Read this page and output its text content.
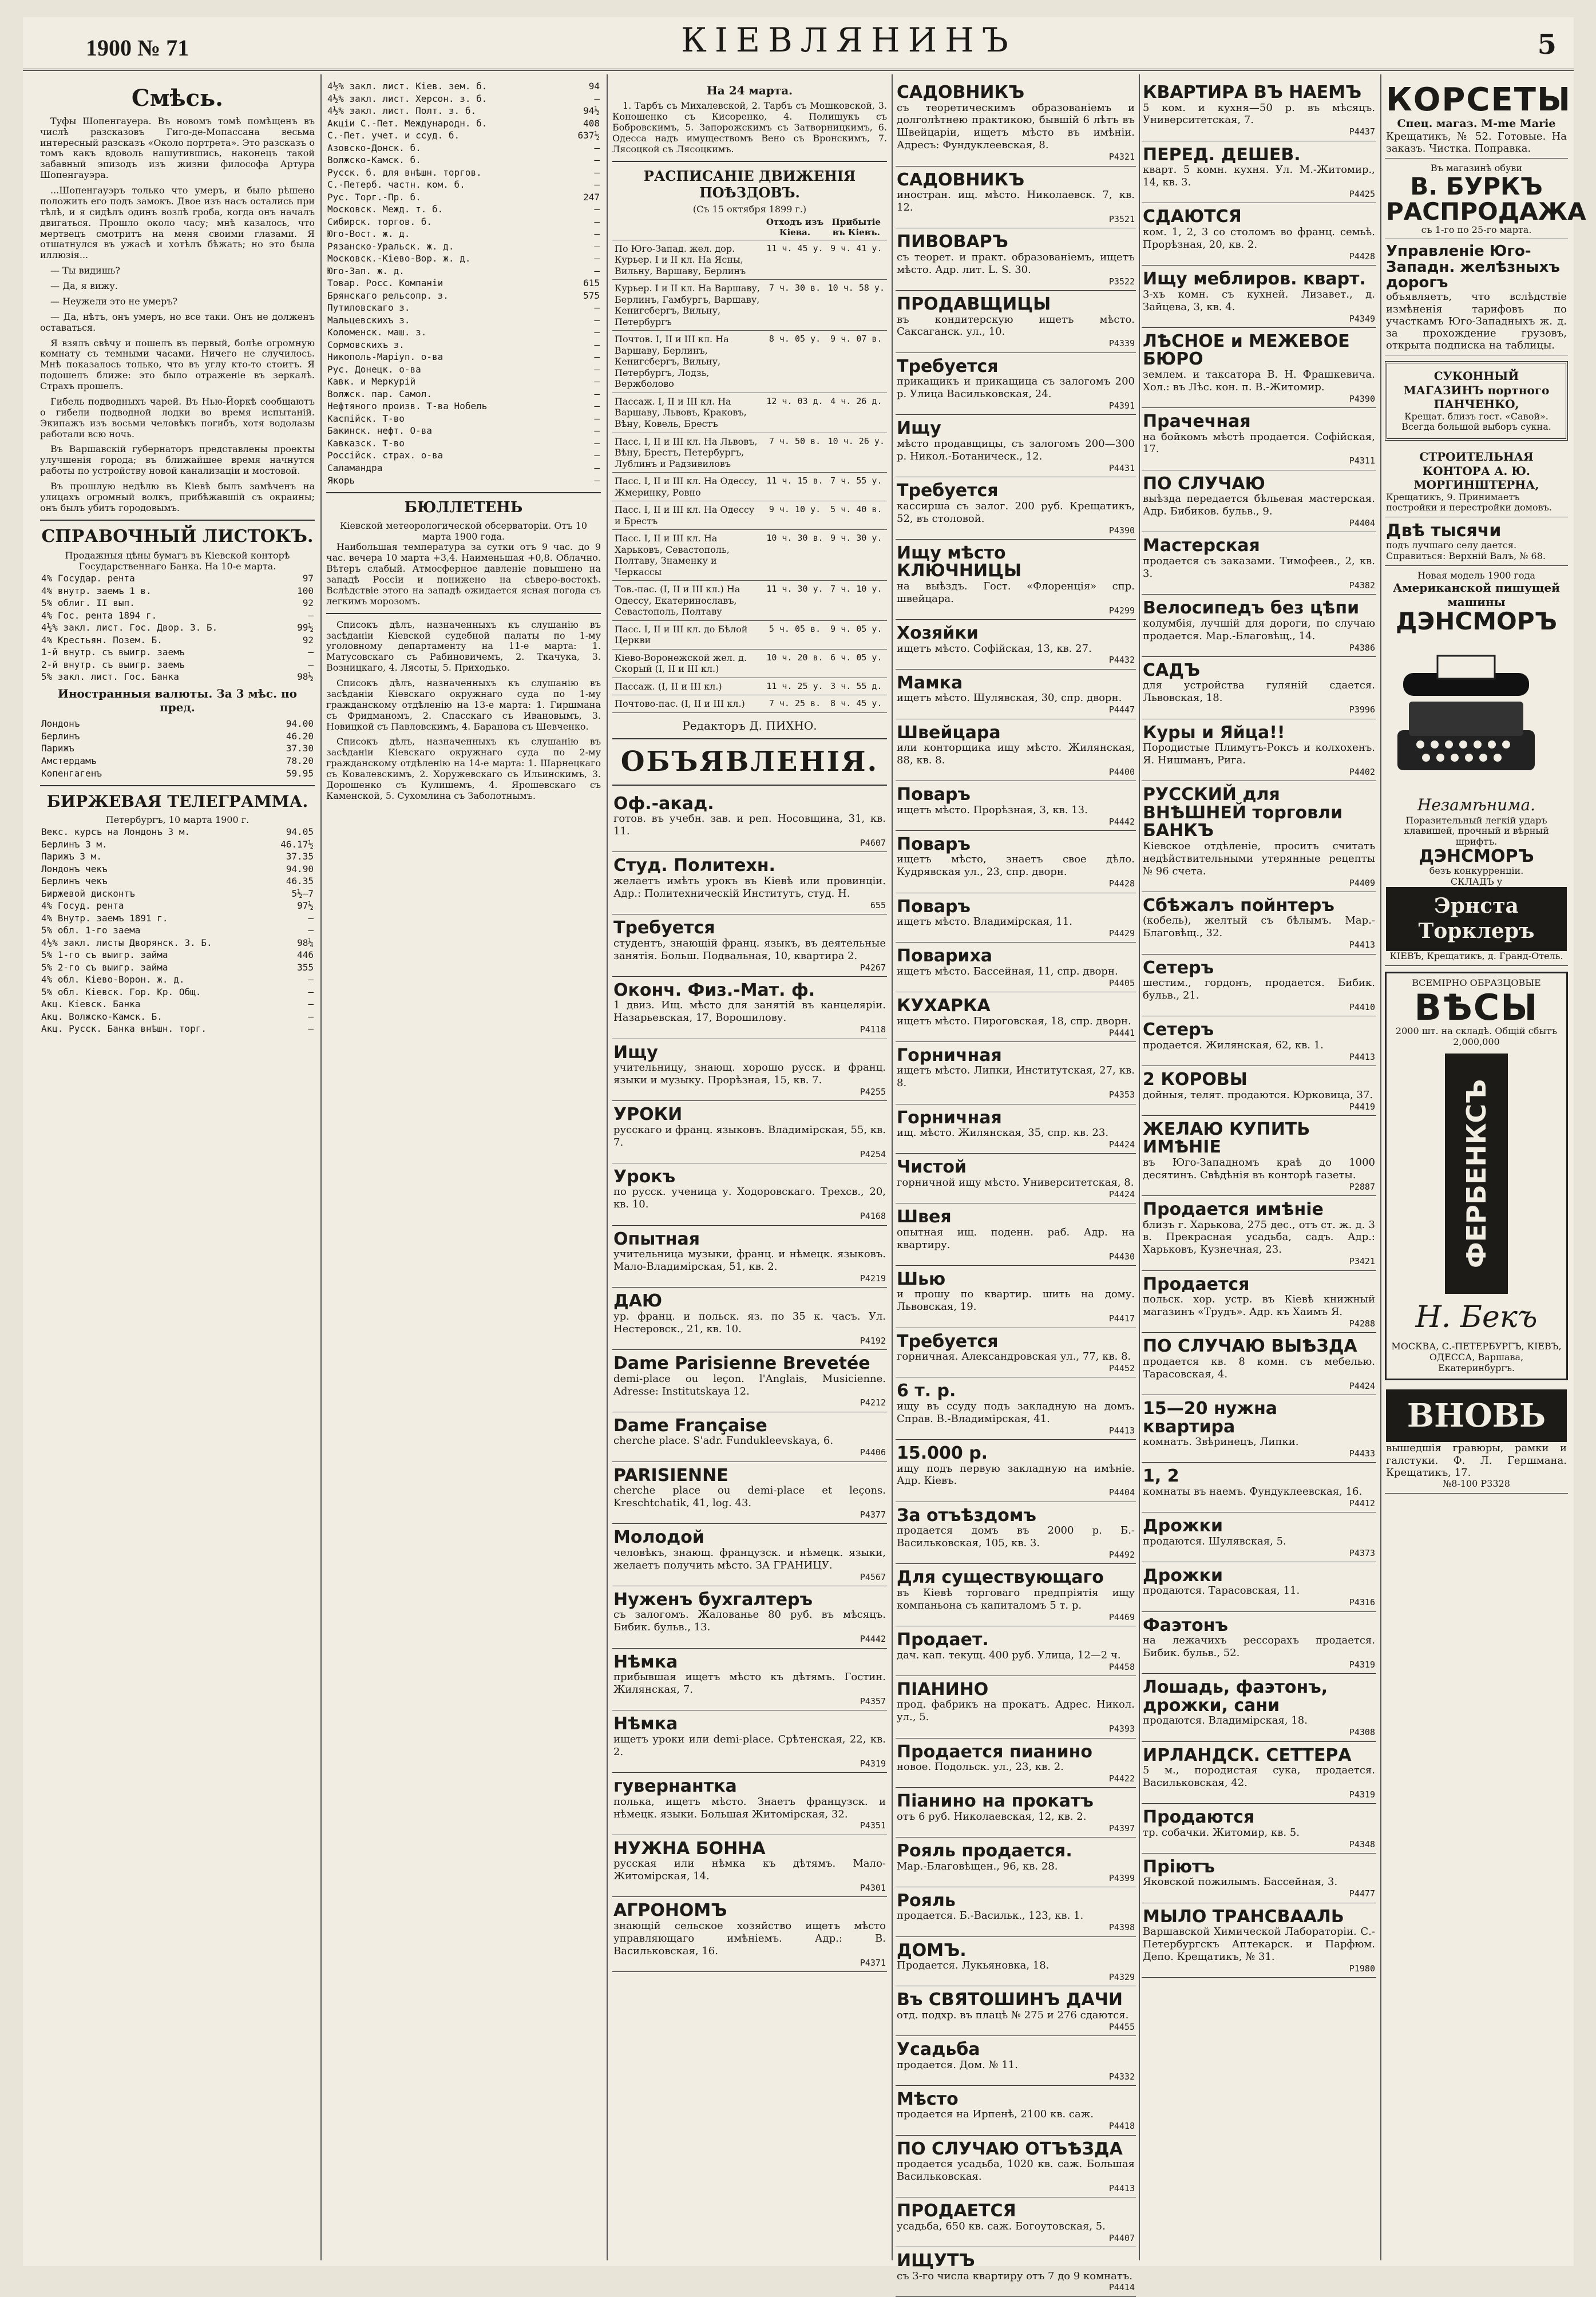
1900 № 71	КІЕВЛЯНИНЪ	5
Смѣсь.

Туфы Шопенгауера. Въ новомъ томѣ помѣщенъ въ числѣ разсказовъ Гиго-де-Мопассана весьма интересный разсказъ «Около портрета». Это разсказъ о томъ какъ вдоволь нашутившись, наконецъ такой забавный эпизодъ изъ жизни философа Артура Шопенгауэра.

...Шопенгауэръ только что умеръ, и было рѣшено положить его подъ замокъ. Двое изъ насъ остались при тѣлѣ, и я сидѣлъ одинъ возлѣ гроба, когда онъ началъ двигаться. Прошло около часу; мнѣ казалось, что мертвецъ смотритъ на меня своими глазами. Я отшатнулся въ ужасѣ и хотѣлъ бѣжать; но это была иллюзія...

— Ты видишь?

— Да, я вижу.

— Неужели это не умеръ?

— Да, нѣтъ, онъ умеръ, но все таки. Онъ не долженъ оставаться.

Я взялъ свѣчу и пошелъ въ первый, болѣе огромную комнату съ темными часами. Ничего не случилось. Мнѣ показалось только, что въ углу кто-то стоитъ. Я подошелъ ближе: это было отраженіе въ зеркалѣ. Страхъ прошелъ.

Гибель подводныхъ чарей. Въ Нью-Йоркѣ сообщаютъ о гибели подводной лодки во время испытаній. Экипажъ изъ восьми человѣкъ погибъ, хотя водолазы работали всю ночь.

Въ Варшавскій губернаторъ представлены проекты улучшенія города; въ ближайшее время начнутся работы по устройству новой канализаціи и мостовой.

Въ прошлую недѣлю въ Кіевѣ былъ замѣченъ на улицахъ огромный волкъ, прибѣжавшій съ окраины; онъ былъ убитъ городовымъ.

СПРАВОЧНЫЙ ЛИСТОКЪ.
Продажныя цѣны бумагъ въ Кіевской конторѣ Государственнаго Банка. На 10-е марта.
4% Государ. рента	97
4% внутр. заемъ 1 в.	100
5% облиг. II вып.	92
4% Гос. рента 1894 г.	—
4½% закл. лист. Гос. Двор. З. Б.	99½
4% Крестьян. Позем. Б.	92
1-й внутр. съ выигр. заемъ	—
2-й внутр. съ выигр. заемъ	—
5% закл. лист. Гос. Банка	98½
Иностранныя валюты. За 3 мѣс. по пред.
Лондонъ	94.00
Берлинъ	46.20
Парижъ	37.30
Амстердамъ	78.20
Копенгагенъ	59.95
БИРЖЕВАЯ ТЕЛЕГРАММА.
Петербургъ, 10 марта 1900 г.
Векс. курсъ на Лондонъ 3 м.	94.05
Берлинъ 3 м.	46.17½
Парижъ 3 м.	37.35
Лондонъ чекъ	94.90
Берлинъ чекъ	46.35
Биржевой дисконтъ	5½—7
4% Госуд. рента	97½
4% Внутр. заемъ 1891 г.	—
5% обл. 1-го заема	—
4½% закл. листы Дворянск. З. Б.	98¼
5% 1-го съ выигр. займа	446
5% 2-го съ выигр. займа	355
4% обл. Кіево-Ворон. ж. д.	—
5% обл. Кіевск. Гор. Кр. Общ.	—
Акц. Кіевск. Банка	—
Акц. Волжско-Камск. Б.	—
Акц. Русск. Банка внѣшн. торг.	—
4½% закл. лист. Кіев. зем. б.	94
4½% закл. лист. Херсон. з. б.	—
4½% закл. лист. Полт. з. б.	94½
Акціи С.-Пет. Международн. б.	408
С.-Пет. учет. и ссуд. б.	637½
Азовско-Донск. б.	—
Волжско-Камск. б.	—
Русск. б. для внѣшн. торгов.	—
С.-Петерб. частн. ком. б.	—
Рус. Торг.-Пр. б.	247
Московск. Межд. т. б.	—
Сибирск. торгов. б.	—
Юго-Вост. ж. д.	—
Рязанско-Уральск. ж. д.	—
Московск.-Кіево-Вор. ж. д.	—
Юго-Зап. ж. д.	—
Товар. Росс. Компаніи	615
Брянскаго рельсопр. з.	575
Путиловскаго з.	—
Мальцевскихъ з.	—
Коломенск. маш. з.	—
Сормовскихъ з.	—
Никополь-Маріуп. о-ва	—
Рус. Донецк. о-ва	—
Кавк. и Меркурій	—
Волжск. пар. Самол.	—
Нефтяного произв. Т-ва Нобель	—
Каспійск. Т-во	—
Бакинск. нефт. О-ва	—
Кавказск. Т-во	—
Россійск. страх. о-ва	—
Саламандра	—
Якорь	—
БЮЛЛЕТЕНЬ
Кіевской метеорологической обсерваторіи. Отъ 10 марта 1900 года.

Наибольшая температура за сутки отъ 9 час. до 9 час. вечера 10 марта +3,4. Наименьшая +0,8. Облачно. Вѣтеръ слабый. Атмосферное давленіе повышено на западѣ Россіи и понижено на сѣверо-востокѣ. Вслѣдствіе этого на западѣ ожидается ясная погода съ легкимъ морозомъ.

Списокъ дѣлъ, назначенныхъ къ слушанію въ засѣданіи Кіевской судебной палаты по 1-му уголовному департаменту на 11-е марта: 1. Матусовскаго съ Рабиновичемъ, 2. Ткачука, 3. Возницкаго, 4. Лясоты, 5. Приходько.

Списокъ дѣлъ, назначенныхъ къ слушанію въ засѣданіи Кіевскаго окружнаго суда по 1-му гражданскому отдѣленію на 13-е марта: 1. Гиршмана съ Фридманомъ, 2. Спасскаго съ Ивановымъ, 3. Новицкой съ Павловскимъ, 4. Баранова съ Шевченко.

Списокъ дѣлъ, назначенныхъ къ слушанію въ засѣданіи Кіевскаго окружнаго суда по 2-му гражданскому отдѣленію на 14-е марта: 1. Шарнецкаго съ Ковалевскимъ, 2. Хоружевскаго съ Ильинскимъ, 3. Дорошенко съ Кулишемъ, 4. Ярошевскаго съ Каменской, 5. Сухомлина съ Заболотнымъ.

На 24 марта.

1. Тарбъ съ Михалевской, 2. Тарбъ съ Мошковской, 3. Коношенко съ Кисоренко, 4. Полищукъ съ Бобровскимъ, 5. Запорожскимъ съ Затворницкимъ, 6. Одесса надъ имуществомъ Вено съ Вронскимъ, 7. Лясоцкой съ Лясоцкимъ.

РАСПИСАНІЕ ДВИЖЕНІЯ ПОѢЗДОВЪ.
(Съ 15 октября 1899 г.)
	Отходъ изъ Кіева.	Прибытіе въ Кіевъ.
По Юго-Запад. жел. дор. Курьер. I и II кл. На Ясны, Вильну, Варшаву, Берлинъ	11 ч. 45 у.	9 ч. 41 у.
Курьер. I и II кл. На Варшаву, Берлинъ, Гамбургъ, Варшаву, Кенигсбергъ, Вильну, Петербургъ	7 ч. 30 в.	10 ч. 58 у.
Почтов. I, II и III кл. На Варшаву, Берлинъ, Кенигсбергъ, Вильну, Петербургъ, Лодзь, Вержболово	8 ч. 05 у.	9 ч. 07 в.
Пассаж. I, II и III кл. На Варшаву, Львовъ, Краковъ, Вѣну, Ковель, Брестъ	12 ч. 03 д.	4 ч. 26 д.
Пасс. I, II и III кл. На Львовъ, Вѣну, Брестъ, Петербургъ, Лублинъ и Радзивиловъ	7 ч. 50 в.	10 ч. 26 у.
Пасс. I, II и III кл. На Одессу, Жмеринку, Ровно	11 ч. 15 в.	7 ч. 55 у.
Пасс. I, II и III кл. На Одессу и Брестъ	9 ч. 10 у.	5 ч. 40 в.
Пасс. I, II и III кл. На Харьковъ, Севастополь, Полтаву, Знаменку и Черкассы	10 ч. 30 в.	9 ч. 30 у.
Тов.-пас. (I, II и III кл.) На Одессу, Екатеринославъ, Севастополь, Полтаву	11 ч. 30 у.	7 ч. 10 у.
Пасс. I, II и III кл. до Бѣлой Церкви	5 ч. 05 в.	9 ч. 05 у.
Кіево-Воронежской жел. д. Скорый (I, II и III кл.)	10 ч. 20 в.	6 ч. 05 у.
Пассаж. (I, II и III кл.)	11 ч. 25 у.	3 ч. 55 д.
Почтово-пас. (I, II и III кл.)	7 ч. 25 в.	8 ч. 45 у.
Редакторъ Д. ПИХНО.
ОБЪЯВЛЕНІЯ.
Оф.-акад.
готов. въ учебн. зав. и реп. Носовщина, 31, кв. 11.
Р4607
Студ. Политехн.
желаетъ имѣть урокъ въ Кіевѣ или провинціи. Адр.: Политехническій Институтъ, студ. Н.
655
Требуется
студентъ, знающій франц. языкъ, въ деятельные занятія. Больш. Подвальная, 10, квартира 2.
Р4267
Оконч. Физ.-Мат. ф.
1 двиз. Ищ. мѣсто для занятій въ канцеляріи. Назарьевская, 17, Ворошилову.
Р4118
Ищу
учительницу, знающ. хорошо русск. и франц. языки и музыку. Прорѣзная, 15, кв. 7.
Р4255
УРОКИ
русскаго и франц. языковъ. Владимірская, 55, кв. 7.
Р4254
Урокъ
по русск. ученица у. Ходоровскаго. Трехсв., 20, кв. 10.
Р4168
Опытная
учительница музыки, франц. и нѣмецк. языковъ. Мало-Владимірская, 51, кв. 2.
Р4219
ДАЮ
ур. франц. и польск. яз. по 35 к. часъ. Ул. Нестеровск., 21, кв. 10.
Р4192
Dame Parisienne Brevetée
demi-place ou leçon. l'Anglais, Musicienne. Adresse: Institutskaya 12.
Р4212
Dame Française
cherche place. S'adr. Fundukleevskaya, 6.
Р4406
PARISIENNE
cherche place ou demi-place et leçons. Kreschtchatik, 41, log. 43.
Р4377
Молодой
человѣкъ, знающ. французск. и нѣмецк. языки, желаетъ получить мѣсто. ЗА ГРАНИЦУ.
Р4567
Нуженъ бухгалтеръ
съ залогомъ. Жалованье 80 руб. въ мѣсяцъ. Бибик. бульв., 13.
Р4442
Нѣмка
прибывшая ищетъ мѣсто къ дѣтямъ. Гостин. Жилянская, 7.
Р4357
Нѣмка
ищетъ уроки или demi-place. Срѣтенская, 22, кв. 2.
Р4319
гувернантка
полька, ищетъ мѣсто. Знаетъ французск. и нѣмецк. языки. Большая Житомірская, 32.
Р4351
НУЖНА БОННА
русская или нѣмка къ дѣтямъ. Мало-Житомірская, 14.
Р4301
АГРОНОМЪ
знающій сельское хозяйство ищетъ мѣсто управляющаго имѣніемъ. Адр.: В. Васильковская, 16.
Р4371
САДОВНИКЪ
съ теоретическимъ образованіемъ и долголѣтнею практикою, бывшій 6 лѣтъ въ Швейцаріи, ищетъ мѣсто въ имѣніи. Адресъ: Фундуклеевская, 8.
Р4321
САДОВНИКЪ
иностран. ищ. мѣсто. Николаевск. 7, кв. 12.
Р3521
ПИВОВАРЪ
съ теорет. и практ. образованіемъ, ищетъ мѣсто. Адр. лит. L. S. 30.
Р3522
ПРОДАВЩИЦЫ
въ кондитерскую ищетъ мѣсто. Саксаганск. ул., 10.
Р4339
Требуется
прикащикъ и прикащица съ залогомъ 200 р. Улица Васильковская, 24.
Р4391
Ищу
мѣсто продавщицы, съ залогомъ 200—300 р. Никол.-Ботаническ., 12.
Р4431
Требуется
кассирша съ залог. 200 руб. Крещатикъ, 52, въ столовой.
Р4390
Ищу мѣсто КЛЮЧНИЦЫ
на выѣздъ. Гост. «Флоренція» спр. швейцара.
Р4299
Хозяйки
ищетъ мѣсто. Софійская, 13, кв. 27.
Р4432
Мамка
ищетъ мѣсто. Шулявская, 30, спр. дворн.
Р4447
Швейцара
или конторщика ищу мѣсто. Жилянская, 88, кв. 8.
Р4400
Поваръ
ищетъ мѣсто. Прорѣзная, 3, кв. 13.
Р4442
Поваръ
ищетъ мѣсто, знаетъ свое дѣло. Кудрявская ул., 23, спр. дворн.
Р4428
Поваръ
ищетъ мѣсто. Владимірская, 11.
Р4429
Повариха
ищетъ мѣсто. Бассейная, 11, спр. дворн.
Р4405
КУХАРКА
ищетъ мѣсто. Пироговская, 18, спр. дворн.
Р4441
Горничная
ищетъ мѣсто. Липки, Институтская, 27, кв. 8.
Р4353
Горничная
ищ. мѣсто. Жилянская, 35, спр. кв. 23.
Р4424
Чистой
горничной ищу мѣсто. Университетская, 8.
Р4424
Швея
опытная ищ. поденн. раб. Адр. на квартиру.
Р4430
Шью
и прошу по квартир. шить на дому. Львовская, 19.
Р4417
Требуется
горничная. Александровская ул., 77, кв. 8.
Р4452
6 т. р.
ищу въ ссуду подъ закладную на домъ. Справ. В.-Владимірская, 41.
Р4413
15.000 р.
ищу подъ первую закладную на имѣніе. Адр. Кіевъ.
Р4404
За отъѣздомъ
продается домъ въ 2000 р. Б.-Васильковская, 105, кв. 3.
Р4492
Для существующаго
въ Кіевѣ торговаго предпріятія ищу компаньона съ капиталомъ 5 т. р.
Р4469
Продает.
дач. кап. текущ. 400 руб. Улица, 12—2 ч.
Р4458
ПІАНИНО
прод. фабрикъ на прокатъ. Адрес. Никол. ул., 5.
Р4393
Продается пианино
новое. Подольск. ул., 23, кв. 2.
Р4422
Піанино на прокатъ
отъ 6 руб. Николаевская, 12, кв. 2.
Р4397
Рояль продается.
Мар.-Благовѣщен., 96, кв. 28.
Р4399
Рояль
продается. Б.-Васильк., 123, кв. 1.
Р4398
ДОМЪ.
Продается. Лукьяновка, 18.
Р4329
Въ СВЯТОШИНЪ ДАЧИ
отд. подхр. въ плацѣ № 275 и 276 сдаются.
Р4455
Усадьба
продается. Дом. № 11.
Р4332
Мѣсто
продается на Ирпенѣ, 2100 кв. саж.
Р4418
ПО СЛУЧАЮ ОТЪѢЗДА
продается усадьба, 1020 кв. саж. Большая Васильковская.
Р4413
ПРОДАЕТСЯ
усадьба, 650 кв. саж. Богоутовская, 5.
Р4407
ИЩУТЪ
съ 3-го числа квартиру отъ 7 до 9 комнатъ.
Р4414
КВАРТИРА ВЪ НАЕМЪ
5 ком. и кухня—50 р. въ мѣсяцъ. Университетская, 7.
Р4437
ПЕРЕД. ДЕШЕВ.
кварт. 5 комн. кухня. Ул. М.-Житомир., 14, кв. 3.
Р4425
СДАЮТСЯ
ком. 1, 2, 3 со столомъ во франц. семьѣ. Прорѣзная, 20, кв. 2.
Р4428
Ищу меблиров. кварт.
3-хъ комн. съ кухней. Лизавет., д. Зайцева, 3, кв. 4.
Р4349
ЛѢСНОЕ и МЕЖЕВОЕ БЮРО
землем. и таксатора В. Н. Фрашкевича. Хол.: въ Лѣс. кон. п. В.-Житомир.
Р4390
Прачечная
на бойкомъ мѣстѣ продается. Софійская, 17.
Р4311
ПО СЛУЧАЮ
выѣзда передается бѣльевая мастерская. Адр. Бибиков. бульв., 9.
Р4404
Мастерская
продается съ заказами. Тимофеев., 2, кв. 3.
Р4382
Велосипедъ без цѣпи
колумбія, лучшій для дороги, по случаю продается. Мар.-Благовѣщ., 14.
Р4386
САДЪ
для устройства гуляній сдается. Львовская, 18.
Р3996
Куры и Яйца!!
Породистые Плимутъ-Роксъ и колхохенъ. Я. Нишманъ, Рига.
Р4402
РУССКИЙ для ВНѢШНЕЙ торговли БАНКЪ
Кіевское отдѣленіе, проситъ считать недѣйствительными утерянные рецепты № 96 счета.
Р4409
Сбѣжалъ пойнтеръ
(кобель), желтый съ бѣлымъ. Мар.-Благовѣщ., 32.
Р4413
Сетеръ
шестим., гордонъ, продается. Бибик. бульв., 21.
Р4410
Сетеръ
продается. Жилянская, 62, кв. 1.
Р4413
2 КОРОВЫ
дойныя, телят. продаются. Юрковица, 37.
Р4419
ЖЕЛАЮ КУПИТЬ ИМѢНІЕ
въ Юго-Западномъ краѣ до 1000 десятинъ. Свѣдѣнія въ конторѣ газеты.
Р2887
Продается имѣніе
близъ г. Харькова, 275 дес., отъ ст. ж. д. 3 в. Прекрасная усадьба, садъ. Адр.: Харьковъ, Кузнечная, 23.
Р3421
Продается
польск. хор. устр. въ Кіевѣ книжный магазинъ «Трудъ». Адр. къ Хаимъ Я.
Р4288
ПО СЛУЧАЮ ВЫѢЗДА
продается кв. 8 комн. съ мебелью. Тарасовская, 4.
Р4424
15—20 нужна квартира
комнатъ. Звѣринецъ, Липки.
Р4433
1, 2
комнаты въ наемъ. Фундуклеевская, 16.
Р4412
Дрожки
продаются. Шулявская, 5.
Р4373
Дрожки
продаются. Тарасовская, 11.
Р4316
Фаэтонъ
на лежачихъ рессорахъ продается. Бибик. бульв., 52.
Р4319
Лошадь, фаэтонъ, дрожки, сани
продаются. Владимірская, 18.
Р4308
ИРЛАНДСК. СЕТТЕРА
5 м., породистая сука, продается. Васильковская, 42.
Р4319
Продаются
тр. собачки. Житомир, кв. 5.
Р4348
Пріютъ
Яковской пожилымъ. Бассейная, 3.
Р4477
МЫЛО ТРАНСВААЛЬ
Варшавской Химической Лабораторіи. С.-Петербургскъ Аптекарск. и Парфюм. Депо. Крещатикъ, № 31.
Р1980
КОРСЕТЫ
Спец. магаз. M-me Marie
Крещатикъ, № 52. Готовые. На заказъ. Чистка. Поправка.
Въ магазинѣ обуви
В. БУРКЪ
РАСПРОДАЖА
съ 1-го по 25-го марта.
Управленіе Юго-Западн. желѣзныхъ дорогъ
объявляетъ, что вслѣдствіе измѣненія тарифовъ по участкамъ Юго-Западныхъ ж. д. за прохождение грузовъ, открыта подписка на таблицы.
СУКОННЫЙ МАГАЗИНЪ портного ПАНЧЕНКО,
Крещат. близъ гост. «Савой». Всегда большой выборъ сукна.
СТРОИТЕЛЬНАЯ КОНТОРА А. Ю. МОРГИНШТЕРНА,
Крещатикъ, 9. Принимаетъ постройки и перестройки домовъ.
Двѣ тысячи
подъ лучшаго селу дается. Справиться: Верхній Валъ, № 68.
Новая модель 1900 года
Американской пишущей машины
ДЭНСМОРЪ
Незамѣнима.
Поразительный легкій ударъ клавишей, прочный и вѣрный шрифтъ.
ДЭНСМОРЪ
безъ конкурренціи.
СКЛАДЪ у
Эрнста Торклеръ
КІЕВЪ, Крещатикъ, д. Гранд-Отель.
ВСЕМІРНО ОБРАЗЦОВЫЕ
ВѢСЫ
2000 шт. на складѣ. Общій сбытъ 2,000,000
ФЕРБЕНКСЪ
Н. Бекъ
МОСКВА, С.-ПЕТЕРБУРГЪ, КІЕВЪ, ОДЕССА, Варшава, Екатеринбургъ.
ВНОВЬ
вышедшія гравюры, рамки и галстуки. Ф. Л. Гершмана. Крещатикъ, 17.
№8-100 Р3328
